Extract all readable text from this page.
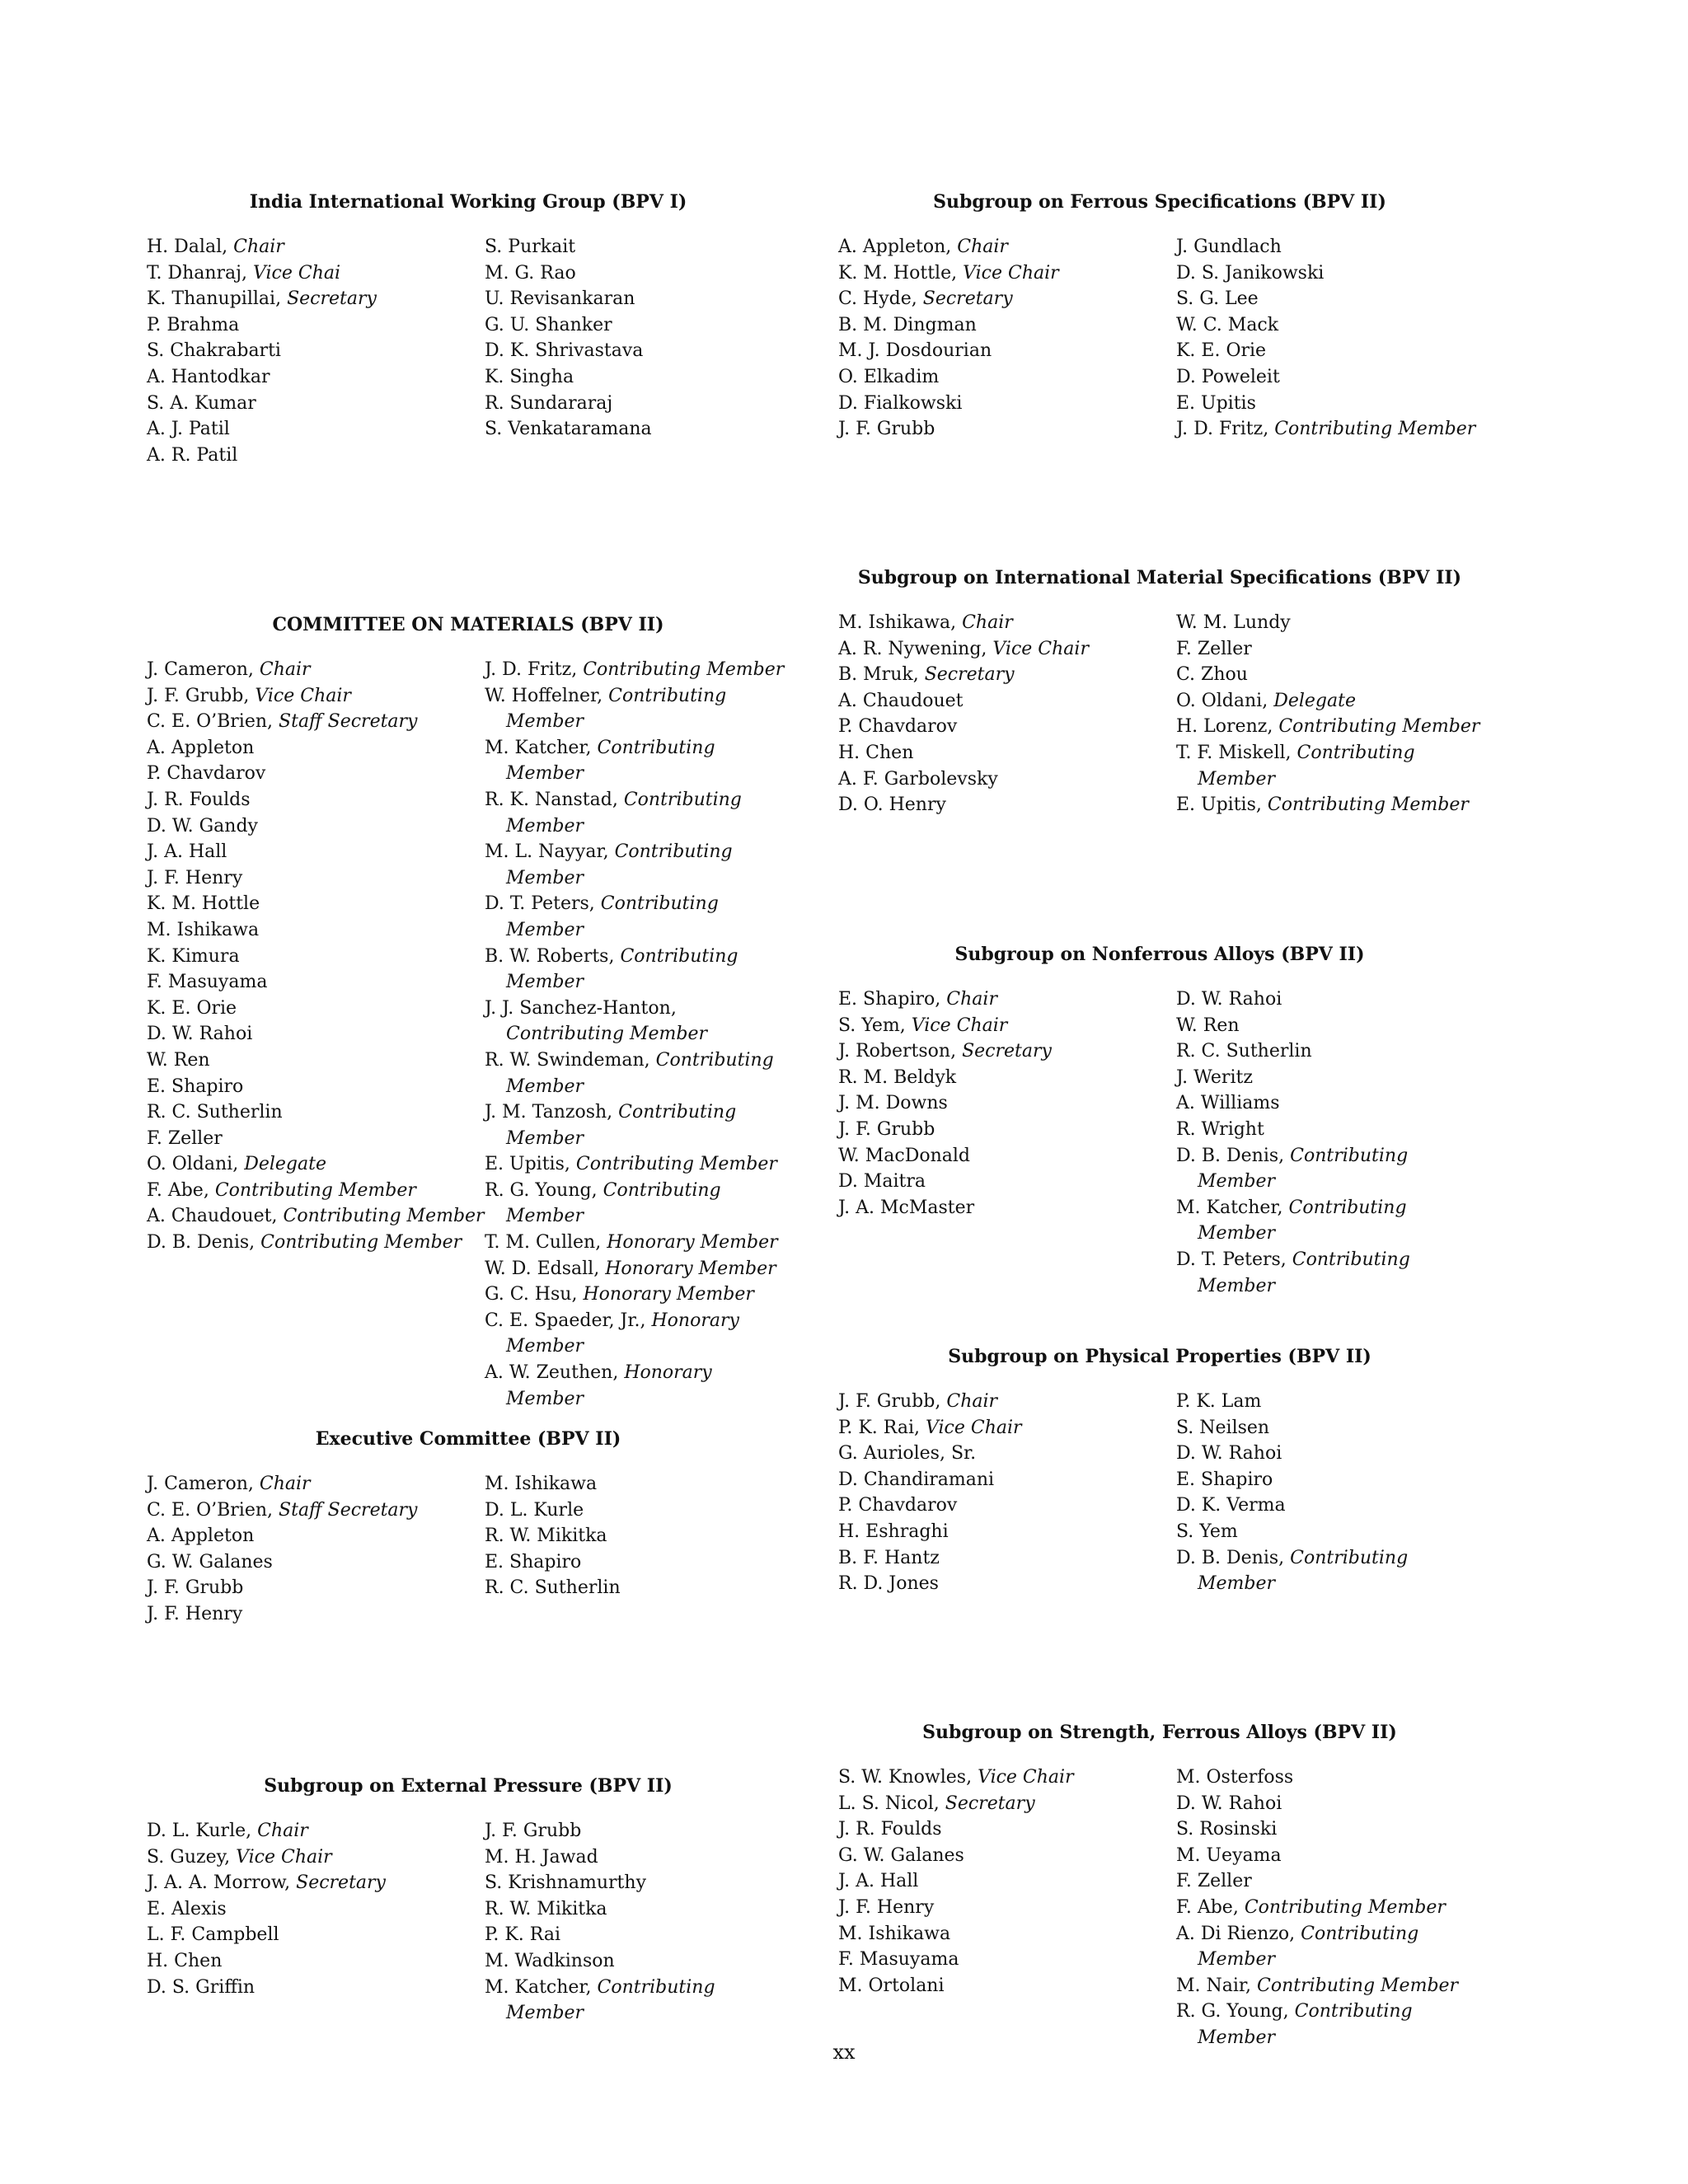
India International Working Group (BPV I)
H. Dalal, Chair
T. Dhanraj, Vice Chai
K. Thanupillai, Secretary
P. Brahma
S. Chakrabarti
A. Hantodkar
S. A. Kumar
A. J. Patil
A. R. Patil
S. Purkait
M. G. Rao
U. Revisankaran
G. U. Shanker
D. K. Shrivastava
K. Singha
R. Sundararaj
S. Venkataramana
COMMITTEE ON MATERIALS (BPV II)
J. Cameron, Chair
J. F. Grubb, Vice Chair
C. E. O’Brien, Staff Secretary
A. Appleton
P. Chavdarov
J. R. Foulds
D. W. Gandy
J. A. Hall
J. F. Henry
K. M. Hottle
M. Ishikawa
K. Kimura
F. Masuyama
K. E. Orie
D. W. Rahoi
W. Ren
E. Shapiro
R. C. Sutherlin
F. Zeller
O. Oldani, Delegate
F. Abe, Contributing Member
A. Chaudouet, Contributing Member
D. B. Denis, Contributing Member
J. D. Fritz, Contributing Member
W. Hoffelner, Contributing Member
M. Katcher, Contributing Member
R. K. Nanstad, Contributing Member
M. L. Nayyar, Contributing Member
D. T. Peters, Contributing Member
B. W. Roberts, Contributing Member
J. J. Sanchez-Hanton, Contributing Member
R. W. Swindeman, Contributing Member
J. M. Tanzosh, Contributing Member
E. Upitis, Contributing Member
R. G. Young, Contributing Member
T. M. Cullen, Honorary Member
W. D. Edsall, Honorary Member
G. C. Hsu, Honorary Member
C. E. Spaeder, Jr., Honorary Member
A. W. Zeuthen, Honorary Member
Executive Committee (BPV II)
J. Cameron, Chair
C. E. O’Brien, Staff Secretary
A. Appleton
G. W. Galanes
J. F. Grubb
J. F. Henry
M. Ishikawa
D. L. Kurle
R. W. Mikitka
E. Shapiro
R. C. Sutherlin
Subgroup on External Pressure (BPV II)
D. L. Kurle, Chair
S. Guzey, Vice Chair
J. A. A. Morrow, Secretary
E. Alexis
L. F. Campbell
H. Chen
D. S. Griffin
J. F. Grubb
M. H. Jawad
S. Krishnamurthy
R. W. Mikitka
P. K. Rai
M. Wadkinson
M. Katcher, Contributing Member
Subgroup on Ferrous Specifications (BPV II)
A. Appleton, Chair
K. M. Hottle, Vice Chair
C. Hyde, Secretary
B. M. Dingman
M. J. Dosdourian
O. Elkadim
D. Fialkowski
J. F. Grubb
J. Gundlach
D. S. Janikowski
S. G. Lee
W. C. Mack
K. E. Orie
D. Poweleit
E. Upitis
J. D. Fritz, Contributing Member
Subgroup on International Material Specifications (BPV II)
M. Ishikawa, Chair
A. R. Nywening, Vice Chair
B. Mruk, Secretary
A. Chaudouet
P. Chavdarov
H. Chen
A. F. Garbolevsky
D. O. Henry
W. M. Lundy
F. Zeller
C. Zhou
O. Oldani, Delegate
H. Lorenz, Contributing Member
T. F. Miskell, Contributing Member
E. Upitis, Contributing Member
Subgroup on Nonferrous Alloys (BPV II)
E. Shapiro, Chair
S. Yem, Vice Chair
J. Robertson, Secretary
R. M. Beldyk
J. M. Downs
J. F. Grubb
W. MacDonald
D. Maitra
J. A. McMaster
D. W. Rahoi
W. Ren
R. C. Sutherlin
J. Weritz
A. Williams
R. Wright
D. B. Denis, Contributing Member
M. Katcher, Contributing Member
D. T. Peters, Contributing Member
Subgroup on Physical Properties (BPV II)
J. F. Grubb, Chair
P. K. Rai, Vice Chair
G. Aurioles, Sr.
D. Chandiramani
P. Chavdarov
H. Eshraghi
B. F. Hantz
R. D. Jones
P. K. Lam
S. Neilsen
D. W. Rahoi
E. Shapiro
D. K. Verma
S. Yem
D. B. Denis, Contributing Member
Subgroup on Strength, Ferrous Alloys (BPV II)
S. W. Knowles, Vice Chair
L. S. Nicol, Secretary
J. R. Foulds
G. W. Galanes
J. A. Hall
J. F. Henry
M. Ishikawa
F. Masuyama
M. Ortolani
M. Osterfoss
D. W. Rahoi
S. Rosinski
M. Ueyama
F. Zeller
F. Abe, Contributing Member
A. Di Rienzo, Contributing Member
M. Nair, Contributing Member
R. G. Young, Contributing Member
xx
